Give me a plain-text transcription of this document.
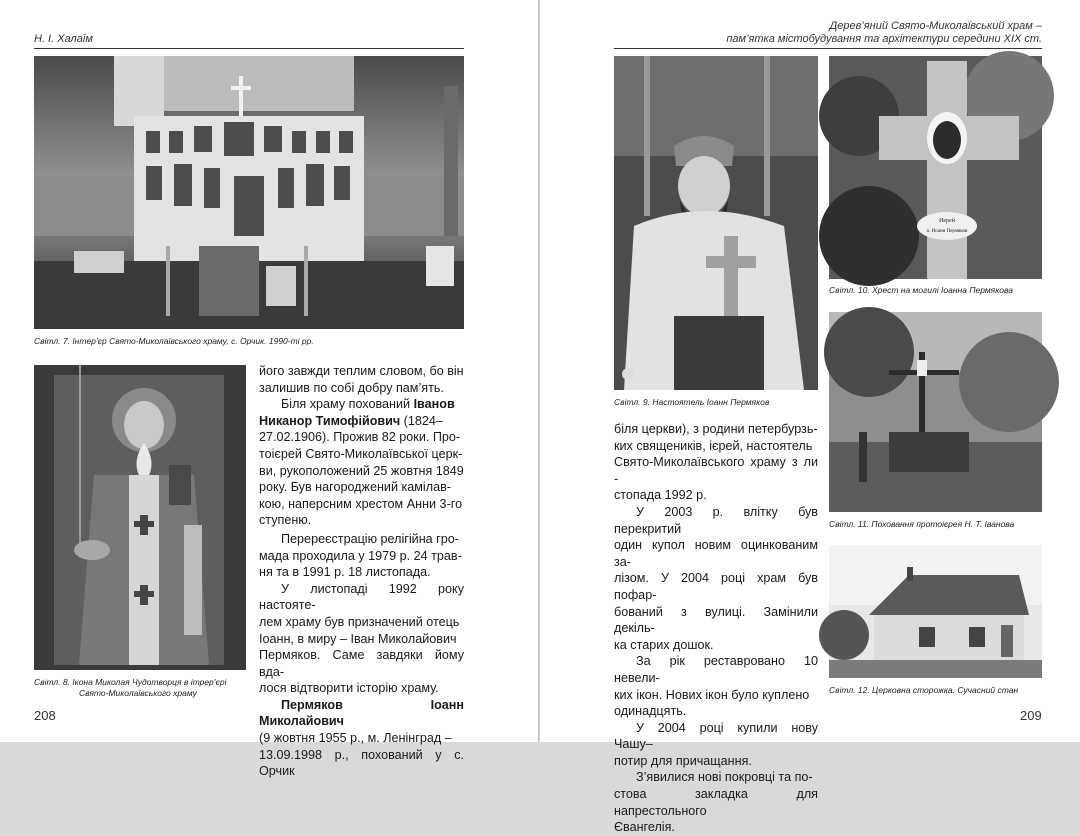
Н. І. Халаім
Світл. 7. Інтер’єр Свято-Миколаївського храму, с. Орчик. 1990-ті рр.
Світл. 8. Ікона Миколая Чудотворця в ітрер’єрі
Свято-Миколаївського храму

його завжди теплим словом, бо він

залишив по собі добру пам’ять.

Біля храму похований Іванов

Никанор Тимофійович (1824–

27.02.1906). Прожив 82 роки. Про-

тоієрей Свято-Миколаївської церк-

ви, рукоположений 25 жовтня 1849

року. Був нагороджений камілав-

кою, наперсним хрестом Анни 3-го

ступеню.

Перереєстрацію релігійна гро-

мада проходила у 1979 р. 24 трав-

ня та в 1991 р. 18 листопада.

У листопаді 1992 року настояте-

лем храму був призначений отець

Іоанн, в миру – Іван Миколайович

Пермяков. Саме завдяки йому вда-

лося відтворити історію храму.

Пермяков Іоанн Миколайович

(9 жовтня 1955 р., м. Ленінград –

13.09.1998 р., похований у с. Орчик

208
Дерев’яний Свято-Миколаївський храм –
пам’ятка містобудування та архітектури середини ХІХ ст.
Світл. 9. Настоятель Іоанн Пермяков
Иерей
о. Иоанн Пермяков
Світл. 10. Хрест на могилі Іоанна Пермякова
Світл. 11. Поховання протоієрея Н. Т. Іванова
Світл. 12. Церковна сторожка. Сучасний стан

біля церкви), з родини петербурзь-

ких священиків, ієрей, настоятель

Свято-Миколаївського храму з ли -

стопада 1992 р.

У 2003 р. влітку був перекритий

один купол новим оцинкованим за-

лізом. У 2004 році храм був пофар-

бований з вулиці. Замінили декіль-

ка старих дошок.

За рік реставровано 10 невели-

ких ікон. Нових ікон було куплено

одинадцять.

У 2004 році купили нову Чашу–

потир для причащання.

З’явилися нові покровці та по-

стова закладка для напрестольного

Євангелія.

209
